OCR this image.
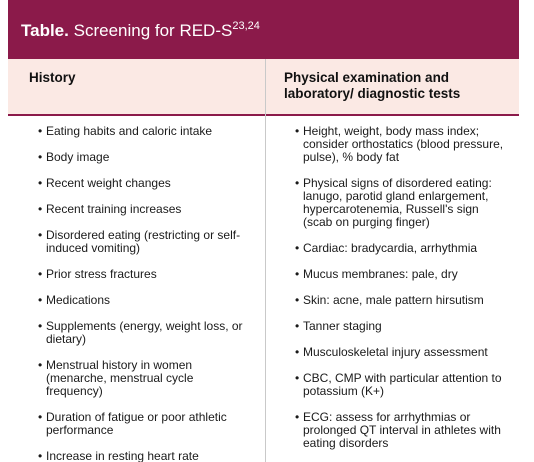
Table. Screening for RED-$S^{23,24}$
History	Physical examination and laboratory/ diagnostic tests
• Eating habits and caloric intake
• Body image
• Recent weight changes
• Recent training increases
• Disordered eating (restricting or self-induced vomiting)
• Prior stress fractures
• Medications
• Supplements (energy, weight loss, or dietary)
• Menstrual history in women (menarche, menstrual cycle frequency)
• Duration of fatigue or poor athletic performance
• Increase in resting heart rate
• Height, weight, body mass index; consider orthostatics (blood pressure, pulse), % body fat
• Physical signs of disordered eating: lanugo, parotid gland enlargement, hypercarotenemia, Russell's sign (scab on purging finger)
• Cardiac: bradycardia, arrhythmia
• Mucus membranes: pale, dry
• Skin: acne, male pattern hirsutism
• Tanner staging
• Musculoskeletal injury assessment
• CBC, CMP with particular attention to potassium (K+)
• ECG: assess for arrhythmias or prolonged QT interval in athletes with eating disorders
